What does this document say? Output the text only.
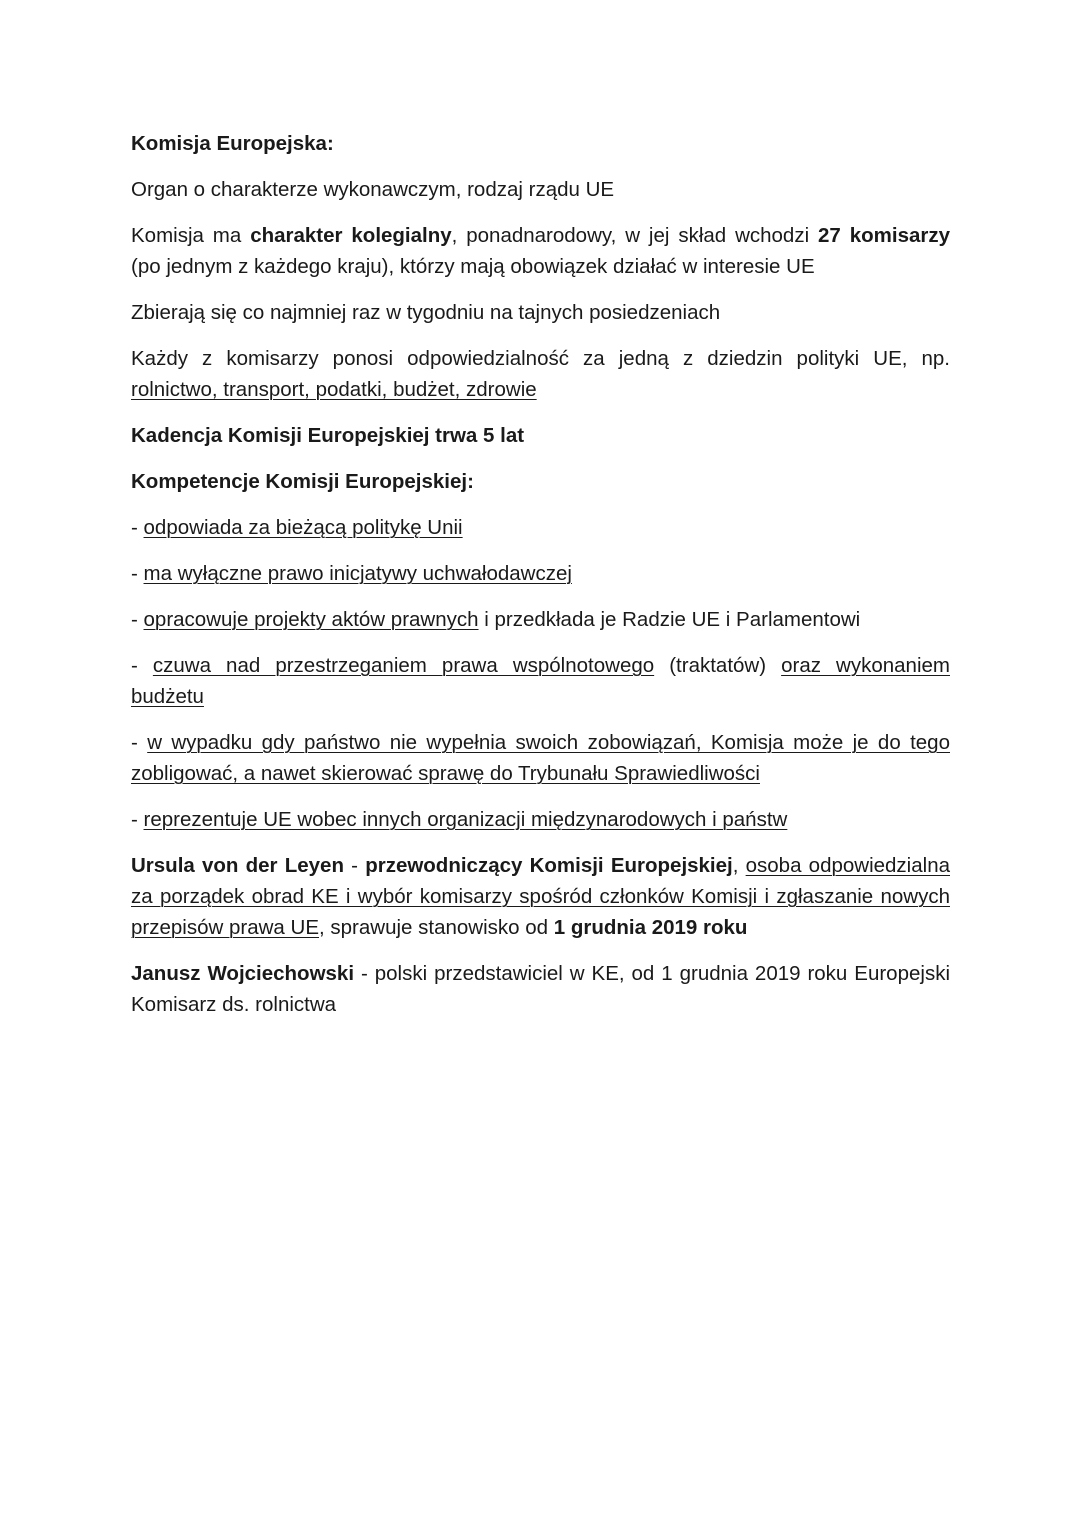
Komisja Europejska:

Organ o charakterze wykonawczym, rodzaj rządu UE

Komisja ma charakter kolegialny, ponadnarodowy, w jej skład wchodzi 27 komisarzy (po jednym z każdego kraju), którzy mają obowiązek działać w interesie UE

Zbierają się co najmniej raz w tygodniu na tajnych posiedzeniach

Każdy z komisarzy ponosi odpowiedzialność za jedną z dziedzin polityki UE, np. rolnictwo, transport, podatki, budżet, zdrowie

Kadencja Komisji Europejskiej trwa 5 lat

Kompetencje Komisji Europejskiej:

- odpowiada za bieżącą politykę Unii

- ma wyłączne prawo inicjatywy uchwałodawczej

- opracowuje projekty aktów prawnych i przedkłada je Radzie UE i Parlamentowi

- czuwa nad przestrzeganiem prawa wspólnotowego (traktatów) oraz wykonaniem budżetu

- w wypadku gdy państwo nie wypełnia swoich zobowiązań, Komisja może je do tego zobligować, a nawet skierować sprawę do Trybunału Sprawiedliwości

- reprezentuje UE wobec innych organizacji międzynarodowych i państw

Ursula von der Leyen - przewodniczący Komisji Europejskiej, osoba odpowiedzialna za porządek obrad KE i wybór komisarzy spośród członków Komisji i zgłaszanie nowych przepisów prawa UE, sprawuje stanowisko od 1 grudnia 2019 roku

Janusz Wojciechowski - polski przedstawiciel w KE, od 1 grudnia 2019 roku Europejski Komisarz ds. rolnictwa
